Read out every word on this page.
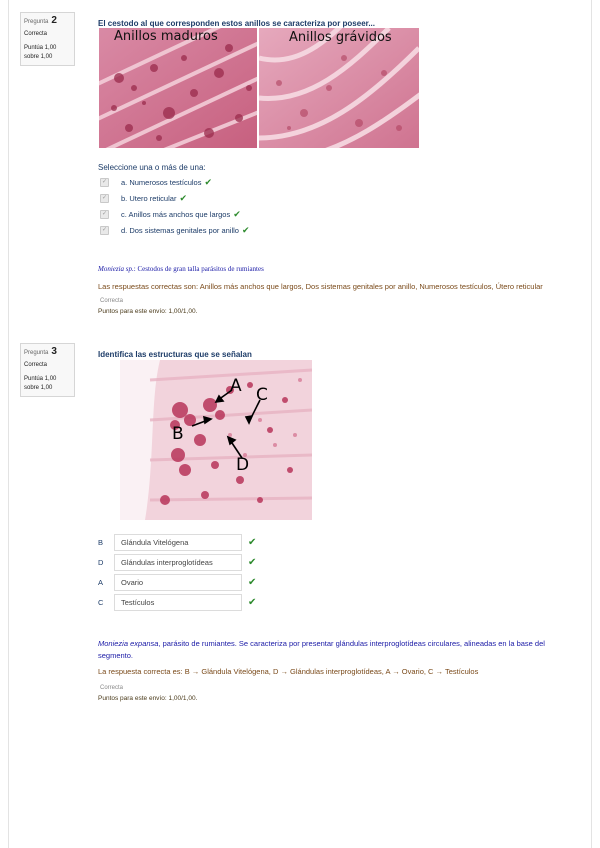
Pregunta 2
Correcta
Puntúa 1,00
sobre 1,00
El cestodo al que corresponden estos anillos se caracteriza por poseer...
Anillos maduros	Anillos grávidos
Seleccione una o más de una:
✓ a. Numerosos testículos ✔
✓ b. Utero reticular ✔
✓ c. Anillos más anchos que largos ✔
✓ d. Dos sistemas genitales por anillo ✔
Moniezia sp.: Cestodos de gran talla parásitos de rumiantes
Las respuestas correctas son: Anillos más anchos que largos, Dos sistemas genitales por anillo, Numerosos testículos, Útero reticular
Correcta
Puntos para este envío: 1,00/1,00.
Pregunta 3
Correcta
Puntúa 1,00
sobre 1,00
Identifica las estructuras que se señalan
A C
B
D
B	Glándula Vitelógena	✔
D	Glándulas interproglotídeas	✔
A	Ovario	✔
C	Testículos	✔
Moniezia expansa, parásito de rumiantes. Se caracteriza por presentar glándulas interproglotídeas circulares, alineadas en la base del segmento.
La respuesta correcta es: B → Glándula Vitelógena, D → Glándulas interproglotídeas, A → Ovario, C → Testículos
Correcta
Puntos para este envío: 1,00/1,00.
